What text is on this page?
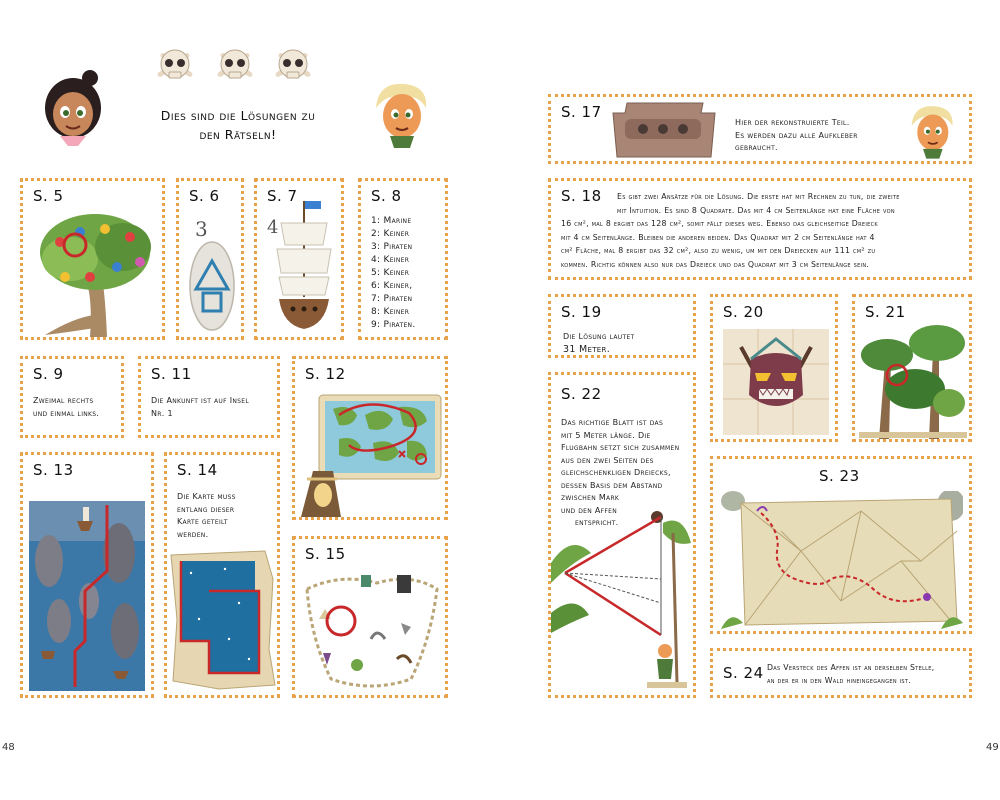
Dies sind die Lösungen zu
den Rätseln!
S. 5	S. 6
3
S. 7
4
S. 8
1: Marine
2: Keiner
3: Piraten
4: Keiner
5: Keiner
6: Keiner,
7: Piraten
8: Keiner
9: Piraten.
S. 9
Zweimal rechts
und einmal links.
S. 11
Die Ankunft ist auf Insel
Nr. 1
S. 12
S. 13	S. 14
Die Karte muss
entlang dieser
Karte geteilt
werden.
S. 15
S. 17
Hier der rekonstruierte Teil.
Es werden dazu alle Aufkleber
gebraucht.
S. 18 Es gibt zwei Ansätze für die Lösung. Die erste hat mit Rechnen zu tun, die zweite
mit Intuition. Es sind 8 Quadrate. Das mit 4 cm Seitenlänge hat eine Fläche von
16 cm², mal 8 ergibt das 128 cm², somit fällt dieses weg. Ebenso das gleichseitige Dreieck
mit 4 cm Seitenlänge. Bleiben die anderen beiden. Das Quadrat mit 2 cm Seitenlänge hat 4
cm² Fläche, mal 8 ergibt das 32 cm², also zu wenig, um mit den Dreiecken auf 111 cm² zu
kommen. Richtig können also nur das Dreieck und das Quadrat mit 3 cm Seitenlänge sein.
S. 19
Die Lösung lautet
31 Meter.
S. 20	S. 21
S. 22
Das richtige Blatt ist das
mit 5 Meter länge. Die
Flugbahn setzt sich zusammen
aus den zwei Seiten des
gleichschenkligen Dreiecks,
dessen Basis dem Abstand
zwischen Mark
und den Affen
entspricht.
S. 23
S. 24 Das Versteck des Affen ist an derselben Stelle,
an der er in den Wald hineingegangen ist.
48	49
